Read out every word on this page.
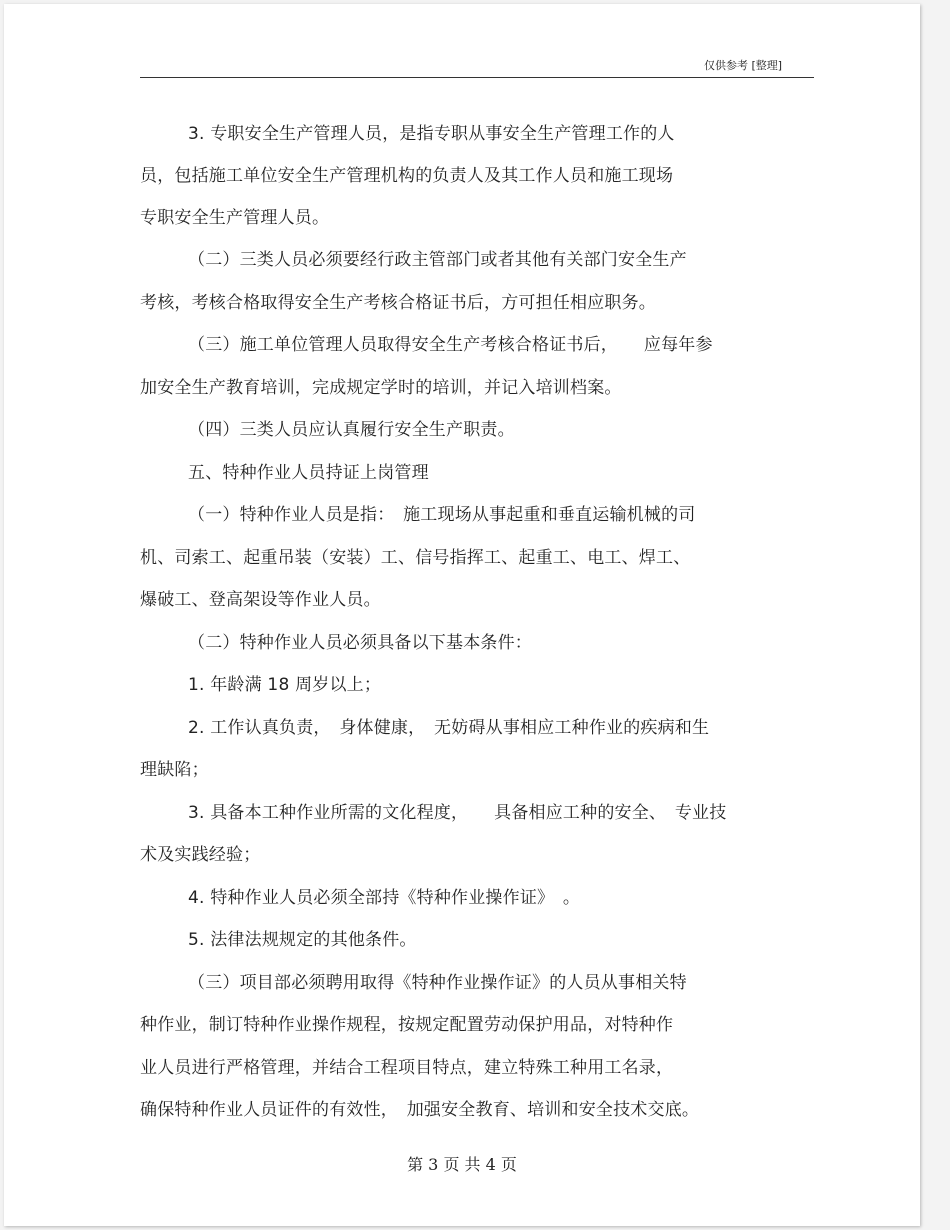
仅供参考 [整理]
3. 专职安全生产管理人员，是指专职从事安全生产管理工作的人
员，包括施工单位安全生产管理机构的负责人及其工作人员和施工现场
专职安全生产管理人员。
（二）三类人员必须要经行政主管部门或者其他有关部门安全生产
考核，考核合格取得安全生产考核合格证书后，方可担任相应职务。
（三）施工单位管理人员取得安全生产考核合格证书后，　　应每年参
加安全生产教育培训，完成规定学时的培训，并记入培训档案。
（四）三类人员应认真履行安全生产职责。
五、特种作业人员持证上岗管理
（一）特种作业人员是指：　施工现场从事起重和垂直运输机械的司
机、司索工、起重吊装（安装）工、信号指挥工、起重工、电工、焊工、
爆破工、登高架设等作业人员。
（二）特种作业人员必须具备以下基本条件：
1. 年龄满 18 周岁以上；
2. 工作认真负责，　身体健康，　无妨碍从事相应工种作业的疾病和生
理缺陷；
3. 具备本工种作业所需的文化程度，　　具备相应工种的安全、　专业技
术及实践经验；
4. 特种作业人员必须全部持《特种作业操作证》　。
5. 法律法规规定的其他条件。
（三）项目部必须聘用取得《特种作业操作证》的人员从事相关特
种作业，制订特种作业操作规程，按规定配置劳动保护用品，对特种作
业人员进行严格管理，并结合工程项目特点，建立特殊工种用工名录，
确保特种作业人员证件的有效性，　加强安全教育、培训和安全技术交底。
第 3 页 共 4 页
